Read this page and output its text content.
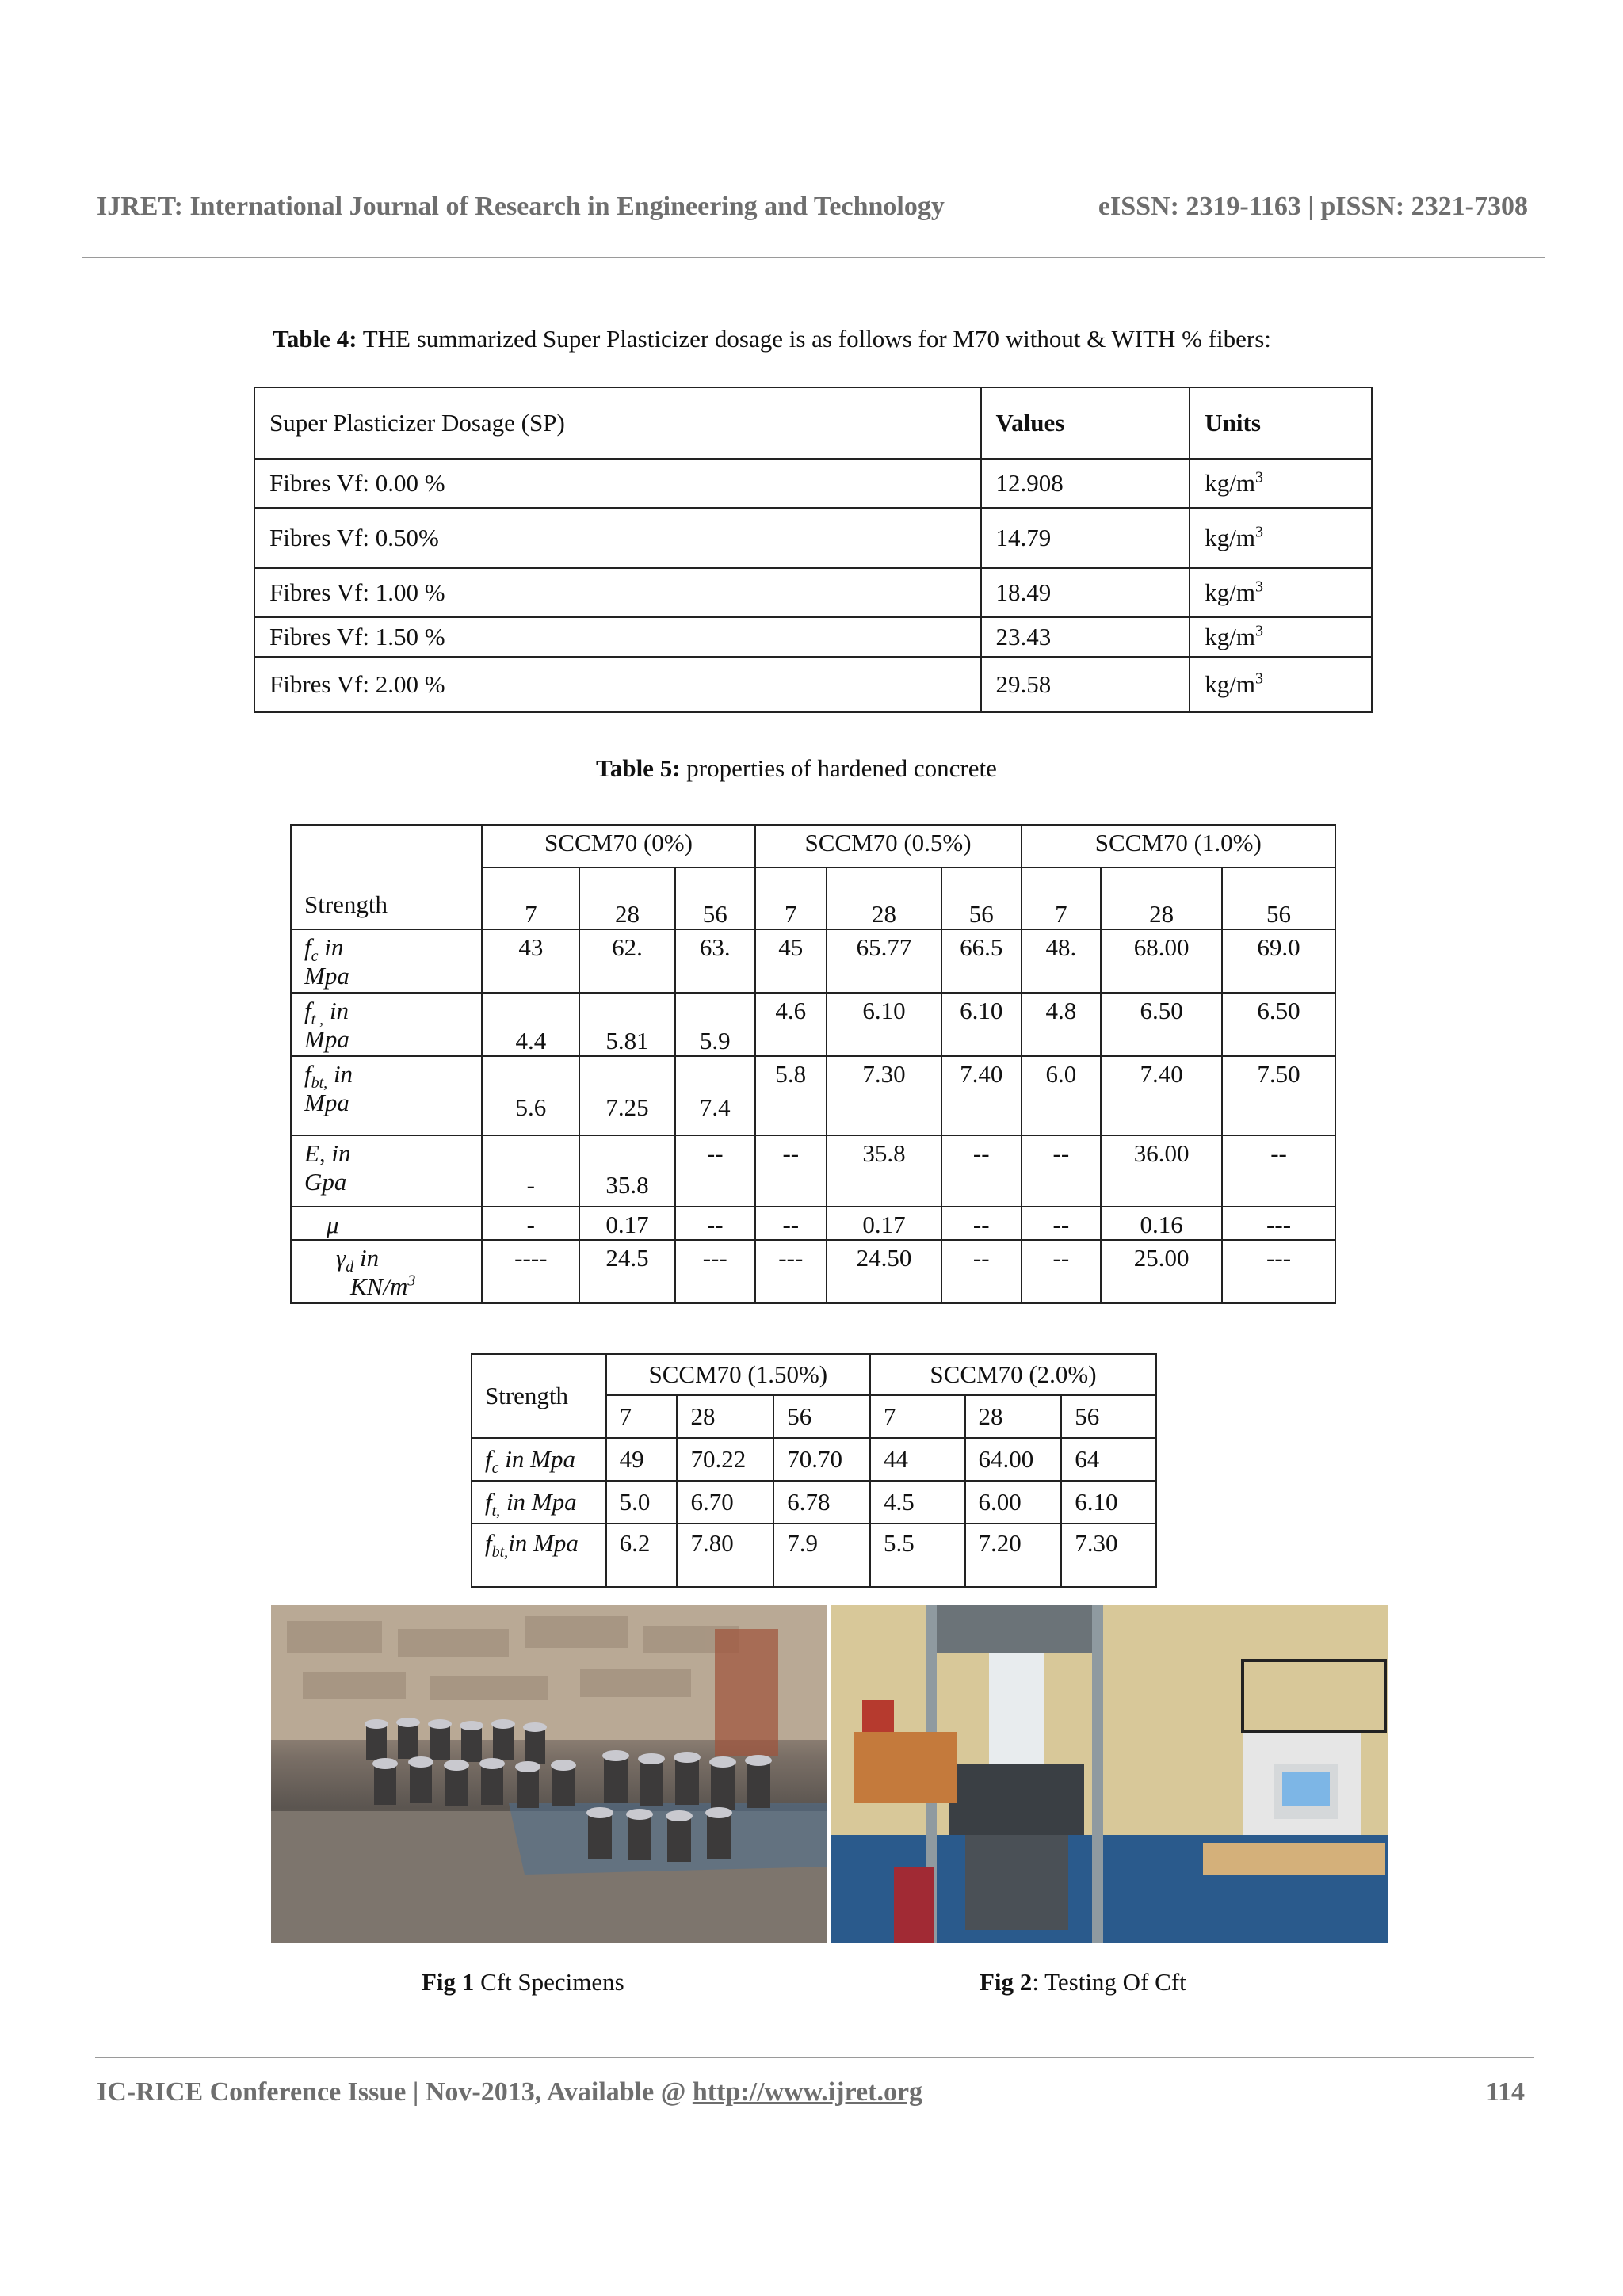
IJRET: International Journal of Research in Engineering and Technology	eISSN: 2319-1163 | pISSN: 2321-7308
Table 4: THE summarized Super Plasticizer dosage is as follows for M70 without & WITH % fibers:
Super Plasticizer Dosage (SP)	Values	Units
Fibres Vf: 0.00 %	12.908	$kg/m^3$
Fibres Vf: 0.50%	14.79	$kg/m^3$
Fibres Vf: 1.00 %	18.49	$kg/m^3$
Fibres Vf: 1.50 %	23.43	$kg/m^3$
Fibres Vf: 2.00 %	29.58	$kg/m^3$
Table 5: properties of hardened concrete
Strength	SCCM70 (0%)			SCCM70 (0.5%)			SCCM70 (1.0%)		
	7	28	56	7	28	56	7	28	56
$f_c$ in
Mpa	43	62.	63.	45	65.77	66.5	48.	68.00	69.0
$f_{t ,}$ in
Mpa	4.4	5.81	5.9	4.6	6.10	6.10	4.8	6.50	6.50
$f_{bt,}$ in
Mpa	5.6	7.25	7.4	5.8	7.30	7.40	6.0	7.40	7.50
E, in
Gpa	-	35.8	--	--	35.8	--	--	36.00	--
μ	-	0.17	--	--	0.17	--	--	0.16	---
$\gamma_d$ in
$KN/m^3$	----	24.5	---	---	24.50	--	--	25.00	---
Strength	SCCM70 (1.50%)			SCCM70 (2.0%)		
	7	28	56	7	28	56
$f_c$ in Mpa	49	70.22	70.70	44	64.00	64
$f_{t,}$ in Mpa	5.0	6.70	6.78	4.5	6.00	6.10
$f_{bt,}in$ Mpa	6.2	7.80	7.9	5.5	7.20	7.30
Fig 1 Cft Specimens	Fig 2: Testing Of Cft
IC-RICE Conference Issue | Nov-2013, Available @ http://www.ijret.org	114
